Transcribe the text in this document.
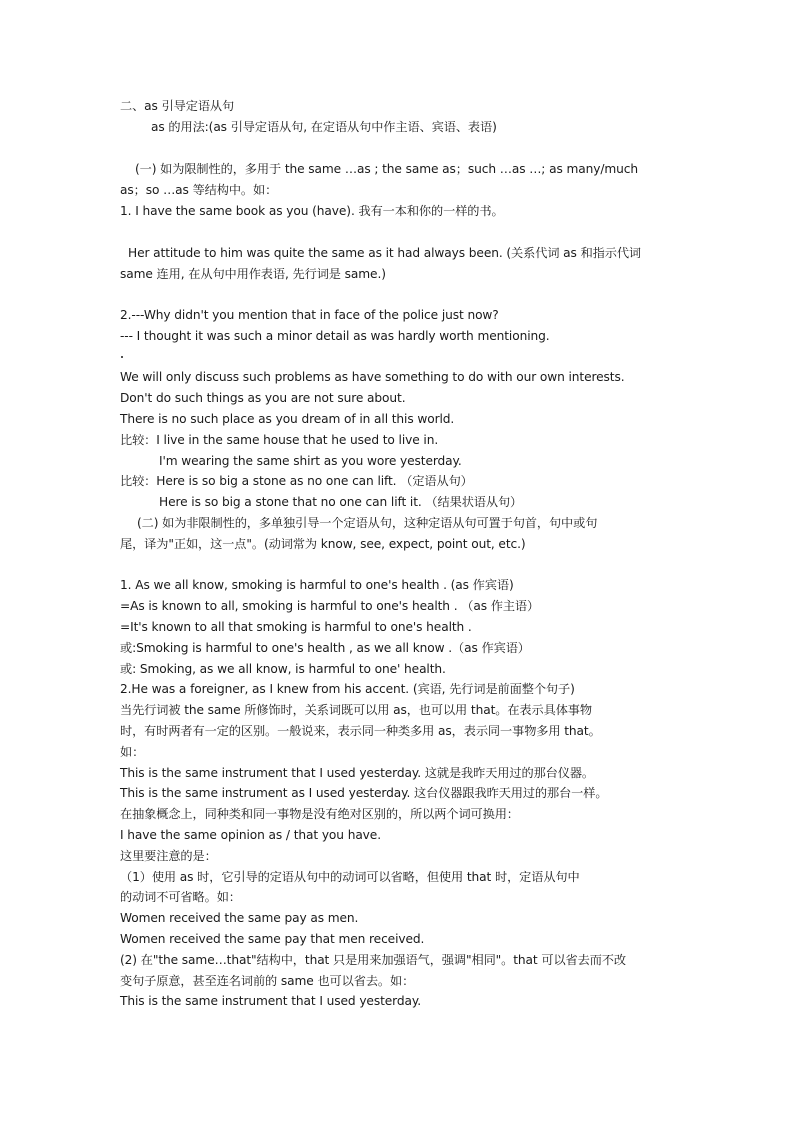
二、as 引导定语从句
as 的用法:(as 引导定语从句, 在定语从句中作主语、宾语、表语)
(一) 如为限制性的，多用于 the same …as ; the same as；such …as …; as many/much
as；so …as 等结构中。如：
1. I have the same book as you (have). 我有一本和你的一样的书。
Her attitude to him was quite the same as it had always been. (关系代词 as 和指示代词
same 连用, 在从句中用作表语, 先行词是 same.)
2.---Why didn't you mention that in face of the police just now?
--- I thought it was such a minor detail as was hardly worth mentioning.
We will only discuss such problems as have something to do with our own interests.
Don't do such things as you are not sure about.
There is no such place as you dream of in all this world.
比较：I live in the same house that he used to live in.
I'm wearing the same shirt as you wore yesterday.
比较：Here is so big a stone as no one can lift. （定语从句）
Here is so big a stone that no one can lift it. （结果状语从句）
(二) 如为非限制性的，多单独引导一个定语从句，这种定语从句可置于句首，句中或句
尾，译为"正如，这一点"。(动词常为 know, see, expect, point out, etc.)
1. As we all know, smoking is harmful to one's health . (as 作宾语)
=As is known to all, smoking is harmful to one's health . （as 作主语）
=It's known to all that smoking is harmful to one's health .
或:Smoking is harmful to one's health , as we all know .（as 作宾语）
或: Smoking, as we all know, is harmful to one' health.
2.He was a foreigner, as I knew from his accent. (宾语, 先行词是前面整个句子)
当先行词被 the same 所修饰时，关系词既可以用 as，也可以用 that。在表示具体事物
时，有时两者有一定的区别。一般说来，表示同一种类多用 as，表示同一事物多用 that。
如：
This is the same instrument that I used yesterday. 这就是我昨天用过的那台仪器。
This is the same instrument as I used yesterday. 这台仪器跟我昨天用过的那台一样。
在抽象概念上，同种类和同一事物是没有绝对区别的，所以两个词可换用：
I have the same opinion as / that you have.
这里要注意的是：
（1）使用 as 时，它引导的定语从句中的动词可以省略，但使用 that 时，定语从句中
的动词不可省略。如：
Women received the same pay as men.
Women received the same pay that men received.
(2) 在"the same…that"结构中，that 只是用来加强语气，强调"相同"。that 可以省去而不改
变句子原意，甚至连名词前的 same 也可以省去。如：
This is the same instrument that I used yesterday.
